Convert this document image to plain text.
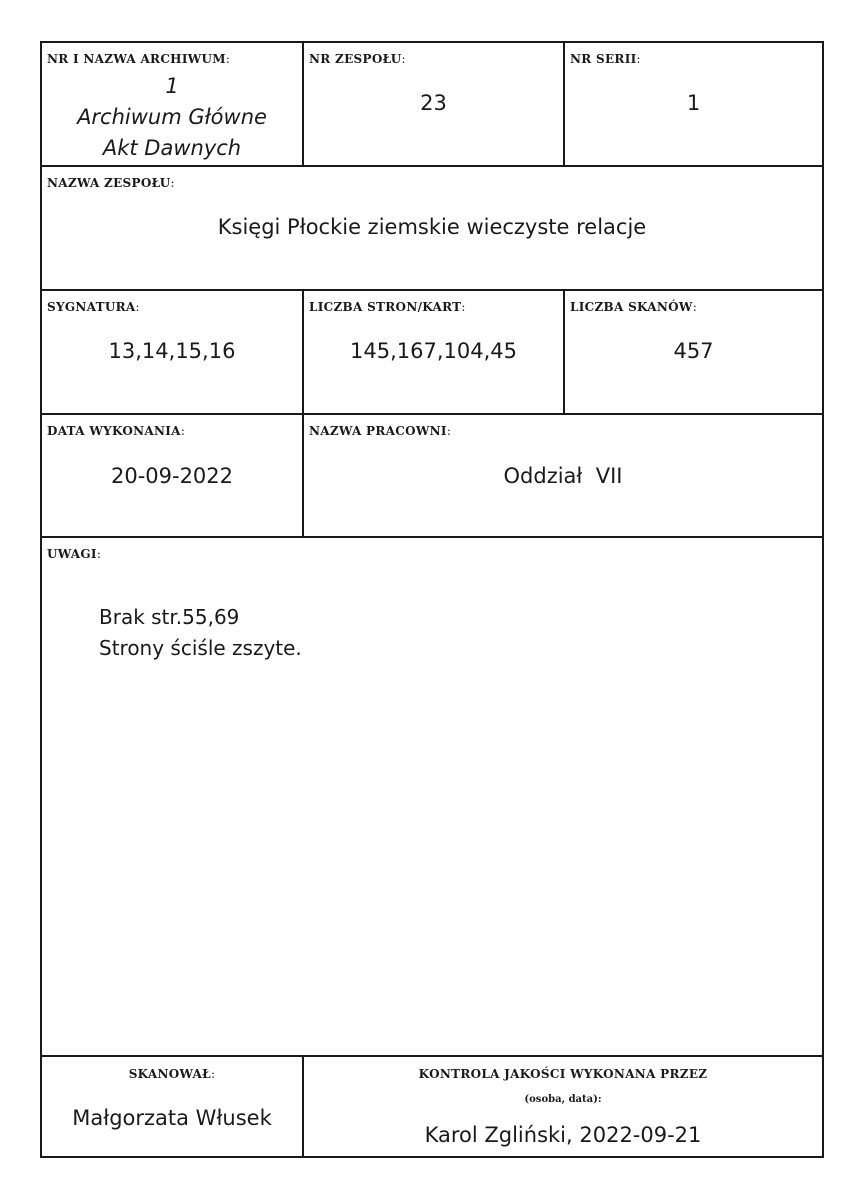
NR I NAZWA ARCHIWUM:
1
Archiwum Główne
Akt Dawnych
NR ZESPOŁU:
23
NR SERII:
1
NAZWA ZESPOŁU:
Księgi Płockie ziemskie wieczyste relacje
SYGNATURA:
13,14,15,16
LICZBA STRON/KART:
145,167,104,45
LICZBA SKANÓW:
457
DATA WYKONANIA:
20-09-2022
NAZWA PRACOWNI:
Oddział  VII
UWAGI:
Brak str.55,69
Strony ściśle zszyte.
SKANOWAŁ:
Małgorzata Włusek
KONTROLA JAKOŚCI WYKONANA PRZEZ
(osoba, data):
Karol Zgliński, 2022-09-21
